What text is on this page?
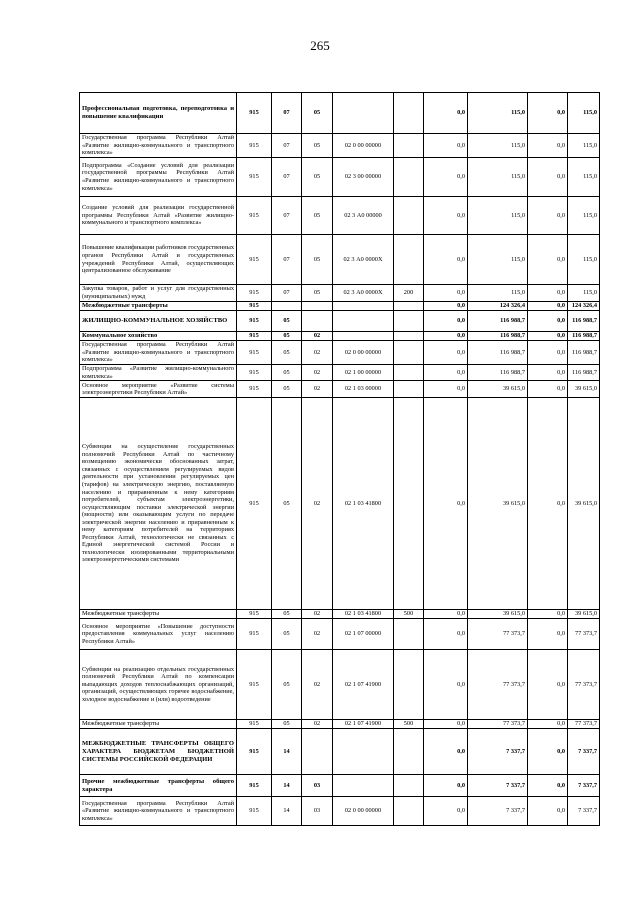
265
Профессиональная подготовка, переподготовка и повышение квалификации	915	07	05			0,0	115,0	0,0	115,0
Государственная программа Республики Алтай «Развитие жилищно-коммунального и транспортного комплекса»	915	07	05	02 0 00 00000		0,0	115,0	0,0	115,0
Подпрограмма «Создание условий для реализации государственной программы Республики Алтай «Развитие жилищно-коммунального и транспортного комплекса»	915	07	05	02 3 00 00000		0,0	115,0	0,0	115,0
Создание условий для реализации государственной программы Республики Алтай «Развитие жилищно-коммунального и транспортного комплекса»	915	07	05	02 3 А0 00000		0,0	115,0	0,0	115,0
Повышение квалификации работников государственных органов Республики Алтай и государственных учреждений Республики Алтай, осуществляющих централизованное обслуживание	915	07	05	02 3 А0 0000Х		0,0	115,0	0,0	115,0
Закупка товаров, работ и услуг для государственных (муниципальных) нужд	915	07	05	02 3 А0 0000Х	200	0,0	115,0	0,0	115,0
Межбюджетные трансферты	915					0,0	124 326,4	0,0	124 326,4
ЖИЛИЩНО-КОММУНАЛЬНОЕ ХОЗЯЙСТВО	915	05				0,0	116 988,7	0,0	116 988,7
Коммунальное хозяйство	915	05	02			0,0	116 988,7	0,0	116 988,7
Государственная программа Республики Алтай «Развитие жилищно-коммунального и транспортного комплекса»	915	05	02	02 0 00 00000		0,0	116 988,7	0,0	116 988,7
Подпрограмма «Развитие жилищно-коммунального комплекса»	915	05	02	02 1 00 00000		0,0	116 988,7	0,0	116 988,7
Основное мероприятие «Развитие системы электроэнергетики Республики Алтай»	915	05	02	02 1 03 00000		0,0	39 615,0	0,0	39 615,0
Субвенции на осуществление государственных полномочий Республики Алтай по частичному возмещению экономически обоснованных затрат, связанных с осуществлением регулируемых видов деятельности при установлении регулируемых цен (тарифов) на электрическую энергию, поставляемую населению и приравненным к нему категориям потребителей, субъектам электроэнергетики, осуществляющим поставки электрической энергии (мощности) или оказывающим услуги по передаче электрической энергии населению и приравненным к нему категориям потребителей на территориях Республики Алтай, технологически не связанных с Единой энергетической системой России и технологически изолированными территориальными электроэнергетическими системами	915	05	02	02 1 03 41800		0,0	39 615,0	0,0	39 615,0
Межбюджетные трансферты	915	05	02	02 1 03 41800	500	0,0	39 615,0	0,0	39 615,0
Основное мероприятие «Повышение доступности предоставления коммунальных услуг населению Республики Алтай»	915	05	02	02 1 07 00000		0,0	77 373,7	0,0	77 373,7
Субвенции на реализацию отдельных государственных полномочий Республики Алтай по компенсации выпадающих доходов теплоснабжающих организаций, организаций, осуществляющих горячее водоснабжение, холодное водоснабжение и (или) водоотведение	915	05	02	02 1 07 41900		0,0	77 373,7	0,0	77 373,7
Межбюджетные трансферты	915	05	02	02 1 07 41900	500	0,0	77 373,7	0,0	77 373,7
МЕЖБЮДЖЕТНЫЕ ТРАНСФЕРТЫ ОБЩЕГО ХАРАКТЕРА БЮДЖЕТАМ БЮДЖЕТНОЙ СИСТЕМЫ РОССИЙСКОЙ ФЕДЕРАЦИИ	915	14				0,0	7 337,7	0,0	7 337,7
Прочие межбюджетные трансферты общего характера	915	14	03			0,0	7 337,7	0,0	7 337,7
Государственная программа Республики Алтай «Развитие жилищно-коммунального и транспортного комплекса»	915	14	03	02 0 00 00000		0,0	7 337,7	0,0	7 337,7
